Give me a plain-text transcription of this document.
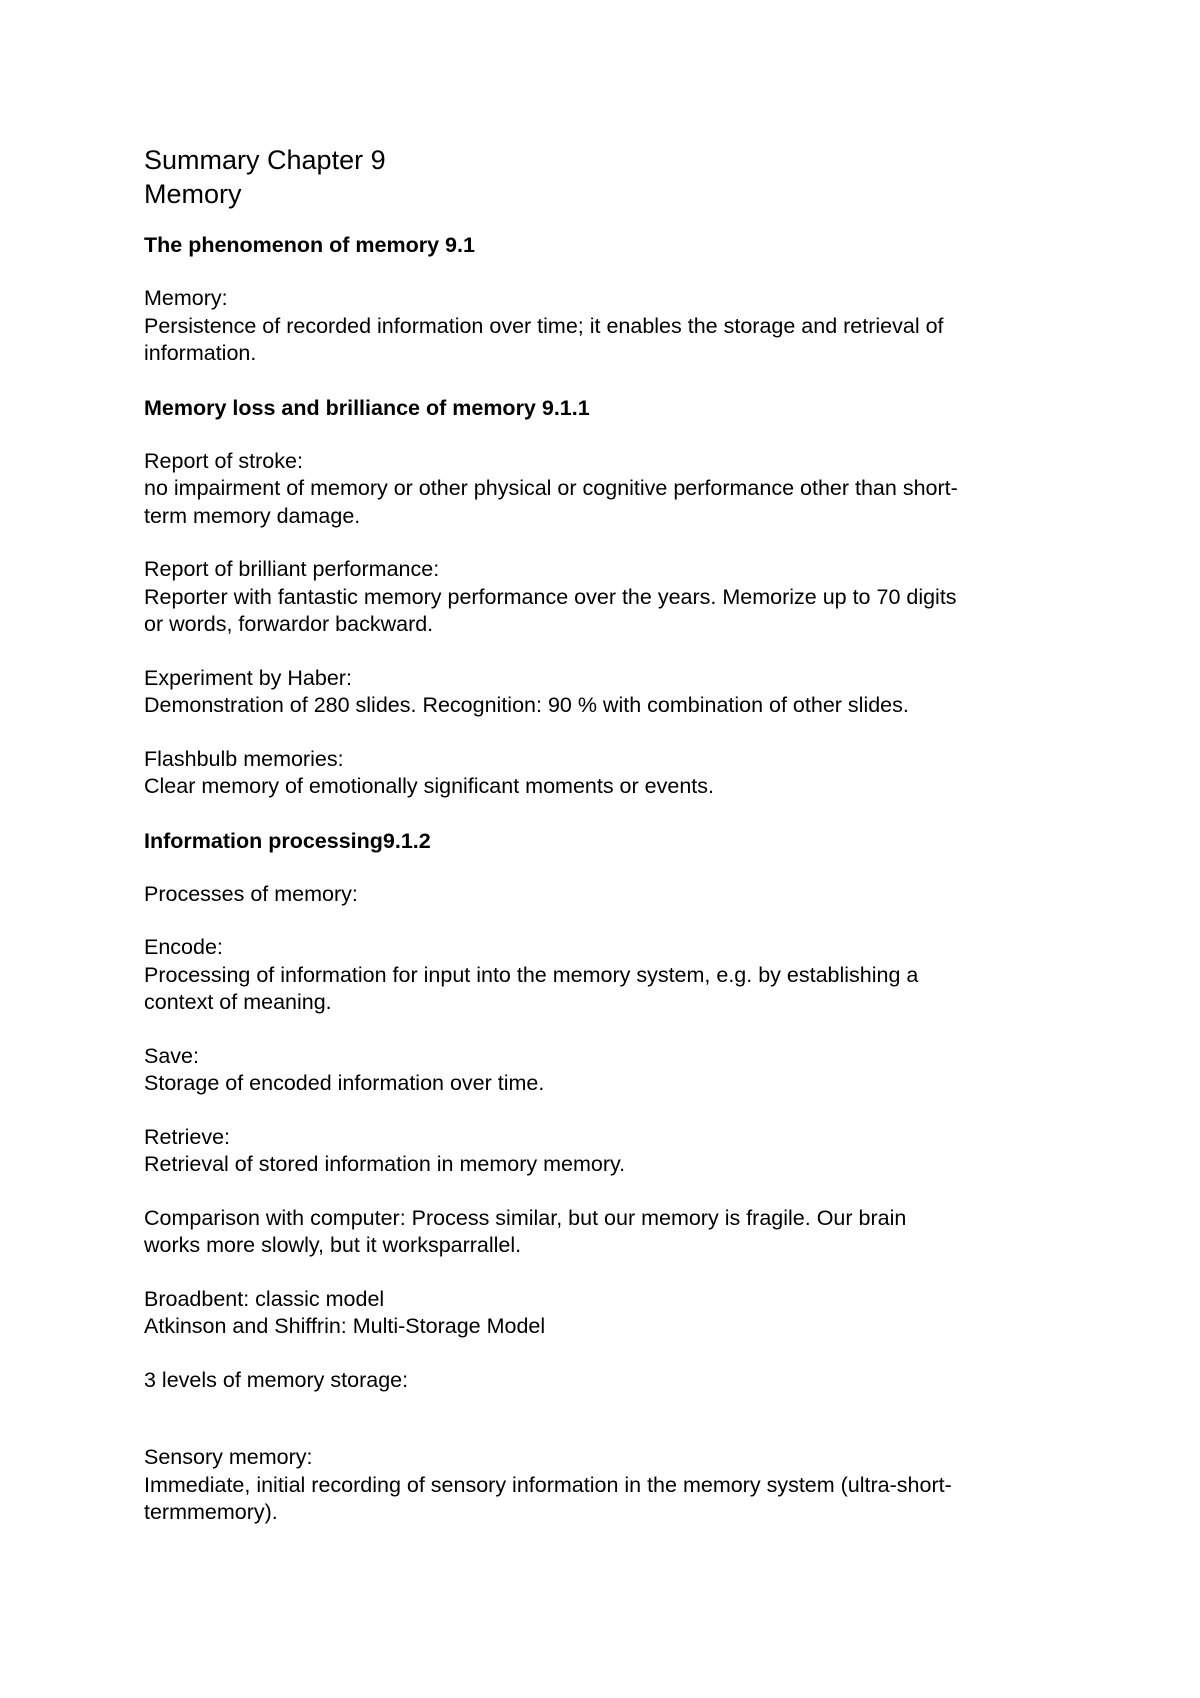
Summary Chapter 9
Memory
The phenomenon of memory 9.1
Memory:
Persistence of recorded information over time; it enables the storage and retrieval of
information.
Memory loss and brilliance of memory 9.1.1
Report of stroke:
no impairment of memory or other physical or cognitive performance other than short-
term memory damage.
Report of brilliant performance:
Reporter with fantastic memory performance over the years. Memorize up to 70 digits
or words, forwardor backward.
Experiment by Haber:
Demonstration of 280 slides. Recognition: 90 % with combination of other slides.
Flashbulb memories:
Clear memory of emotionally significant moments or events.
Information processing9.1.2
Processes of memory:
Encode:
Processing of information for input into the memory system, e.g. by establishing a
context of meaning.
Save:
Storage of encoded information over time.
Retrieve:
Retrieval of stored information in memory memory.
Comparison with computer: Process similar, but our memory is fragile. Our brain
works more slowly, but it worksparrallel.
Broadbent: classic model
Atkinson and Shiffrin: Multi-Storage Model
3 levels of memory storage:
Sensory memory:
Immediate, initial recording of sensory information in the memory system (ultra-short-
termmemory).
